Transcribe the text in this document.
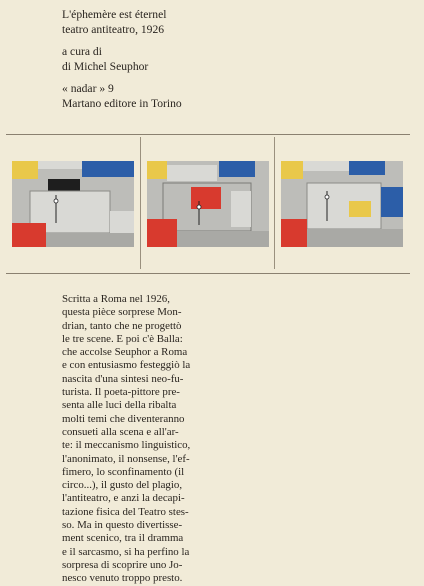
L'éphemère est éternel
teatro antiteatro, 1926
a cura di
di Michel Seuphor
« nadar » 9
Martano editore in Torino
Scritta a Roma nel 1926,
questa pièce sorprese Mon-
drian, tanto che ne progettò
le tre scene. E poi c'è Balla:
che accolse Seuphor a Roma
e con entusiasmo festeggiò la
nascita d'una sintesi neo-fu-
turista. Il poeta-pittore pre-
senta alle luci della ribalta
molti temi che diventeranno
consueti alla scena e all'ar-
te: il meccanismo linguistico,
l'anonimato, il nonsense, l'ef-
fimero, lo sconfinamento (il
circo...), il gusto del plagio,
l'antiteatro, e anzi la decapi-
tazione fisica del Teatro stes-
so. Ma in questo divertisse-
ment scenico, tra il dramma
e il sarcasmo, si ha perfino la
sorpresa di scoprire uno Jo-
nesco venuto troppo presto.
